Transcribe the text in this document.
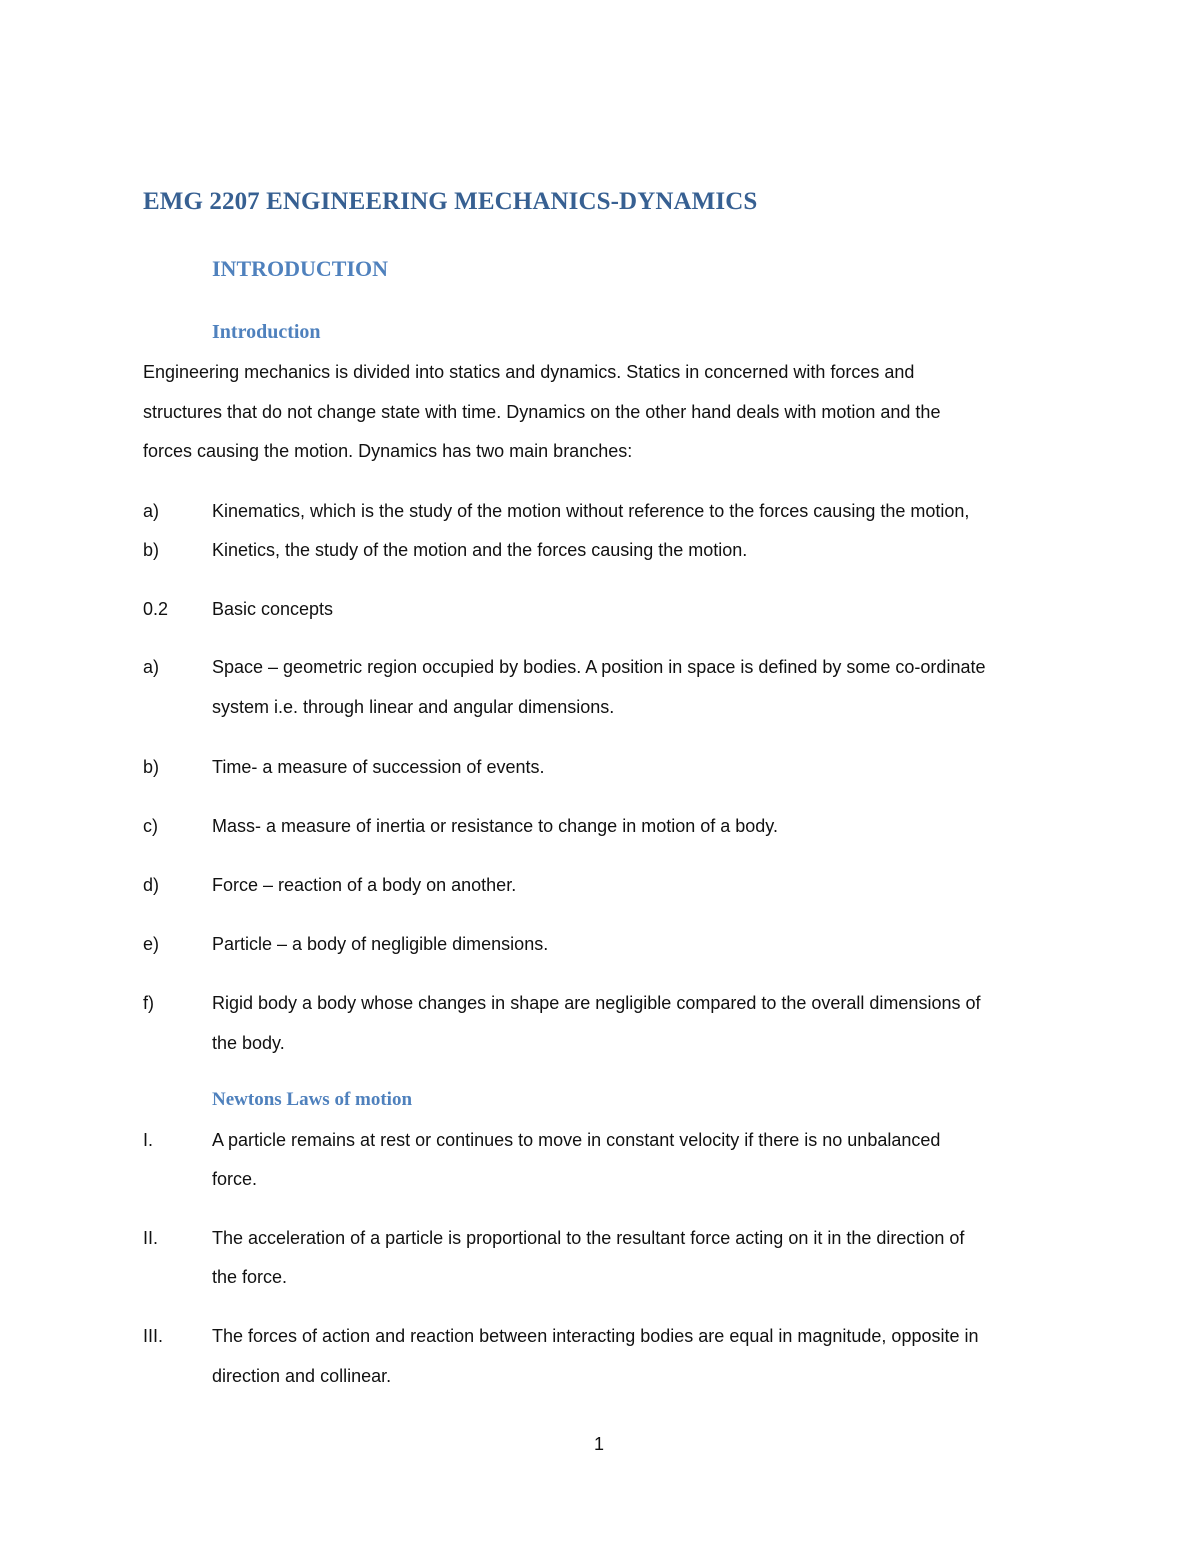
EMG 2207 ENGINEERING MECHANICS-DYNAMICS
INTRODUCTION
Introduction
Engineering mechanics is divided into statics and dynamics. Statics in concerned with forces and
structures that do not change state with time. Dynamics on the other hand deals with motion and the
forces causing the motion. Dynamics has two main branches:
a)	Kinematics, which is the study of the motion without reference to the forces causing the motion,
b)	Kinetics, the study of the motion and the forces causing the motion.
0.2 Basic concepts
a)	Space – geometric region occupied by bodies. A position in space is defined by some co-ordinate
system i.e. through linear and angular dimensions.
b)	Time- a measure of succession of events.
c)	Mass- a measure of inertia or resistance to change in motion of a body.
d)	Force – reaction of a body on another.
e)	Particle – a body of negligible dimensions.
f)	Rigid body a body whose changes in shape are negligible compared to the overall dimensions of
the body.
Newtons Laws of motion
I.	A particle remains at rest or continues to move in constant velocity if there is no unbalanced
force.
II.	The acceleration of a particle is proportional to the resultant force acting on it in the direction of
the force.
III.	The forces of action and reaction between interacting bodies are equal in magnitude, opposite in
direction and collinear.
1
